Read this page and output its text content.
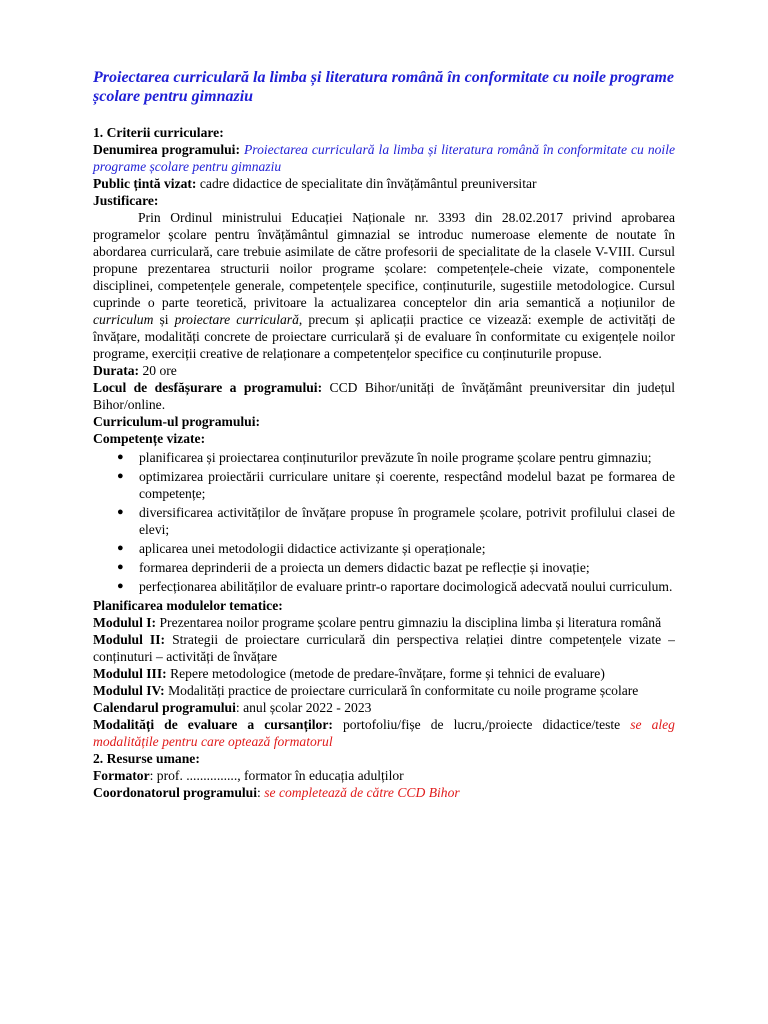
Proiectarea curriculară la limba și literatura română în conformitate cu noile programe școlare pentru gimnaziu

1. Criterii curriculare:

Denumirea programului: Proiectarea curriculară la limba și literatura română în conformitate cu noile programe școlare pentru gimnaziu

Public țintă vizat: cadre didactice de specialitate din învățământul preuniversitar

Justificare:

Prin Ordinul ministrului Educației Naționale nr. 3393 din 28.02.2017 privind aprobarea programelor școlare pentru învățământul gimnazial se introduc numeroase elemente de noutate în abordarea curriculară, care trebuie asimilate de către profesorii de specialitate de la clasele V-VIII. Cursul propune prezentarea structurii noilor programe școlare: competențele-cheie vizate, componentele disciplinei, competențele generale, competențele specifice, conținuturile, sugestiile metodologice. Cursul cuprinde o parte teoretică, privitoare la actualizarea conceptelor din aria semantică a noțiunilor de curriculum și proiectare curriculară, precum și aplicații practice ce vizează: exemple de activități de învățare, modalități concrete de proiectare curriculară și de evaluare în conformitate cu exigențele noilor programe, exerciții creative de relaționare a competențelor specifice cu conținuturile propuse.

Durata: 20 ore

Locul de desfășurare a programului: CCD Bihor/unități de învățământ preuniversitar din județul Bihor/online.

Curriculum-ul programului:

Competențe vizate:

● planificarea și proiectarea conținuturilor prevăzute în noile programe școlare pentru gimnaziu;
● optimizarea proiectării curriculare unitare și coerente, respectând modelul bazat pe formarea de competențe;
● diversificarea activităților de învățare propuse în programele școlare, potrivit profilului clasei de elevi;
● aplicarea unei metodologii didactice activizante și operaționale;
● formarea deprinderii de a proiecta un demers didactic bazat pe reflecție și inovație;
● perfecționarea abilităților de evaluare printr-o raportare docimologică adecvată noului curriculum.

Planificarea modulelor tematice:

Modulul I: Prezentarea noilor programe școlare pentru gimnaziu la disciplina limba și literatura română

Modulul II: Strategii de proiectare curriculară din perspectiva relației dintre competențele vizate – conținuturi – activități de învățare

Modulul III: Repere metodologice (metode de predare-învățare, forme și tehnici de evaluare)

Modulul IV: Modalități practice de proiectare curriculară în conformitate cu noile programe școlare

Calendarul programului: anul școlar 2022 - 2023

Modalități de evaluare a cursanților: portofoliu/fișe de lucru,/proiecte didactice/teste se aleg modalitățile pentru care optează formatorul

2. Resurse umane:

Formator: prof. ..............., formator în educația adulților

Coordonatorul programului: se completează de către CCD Bihor
